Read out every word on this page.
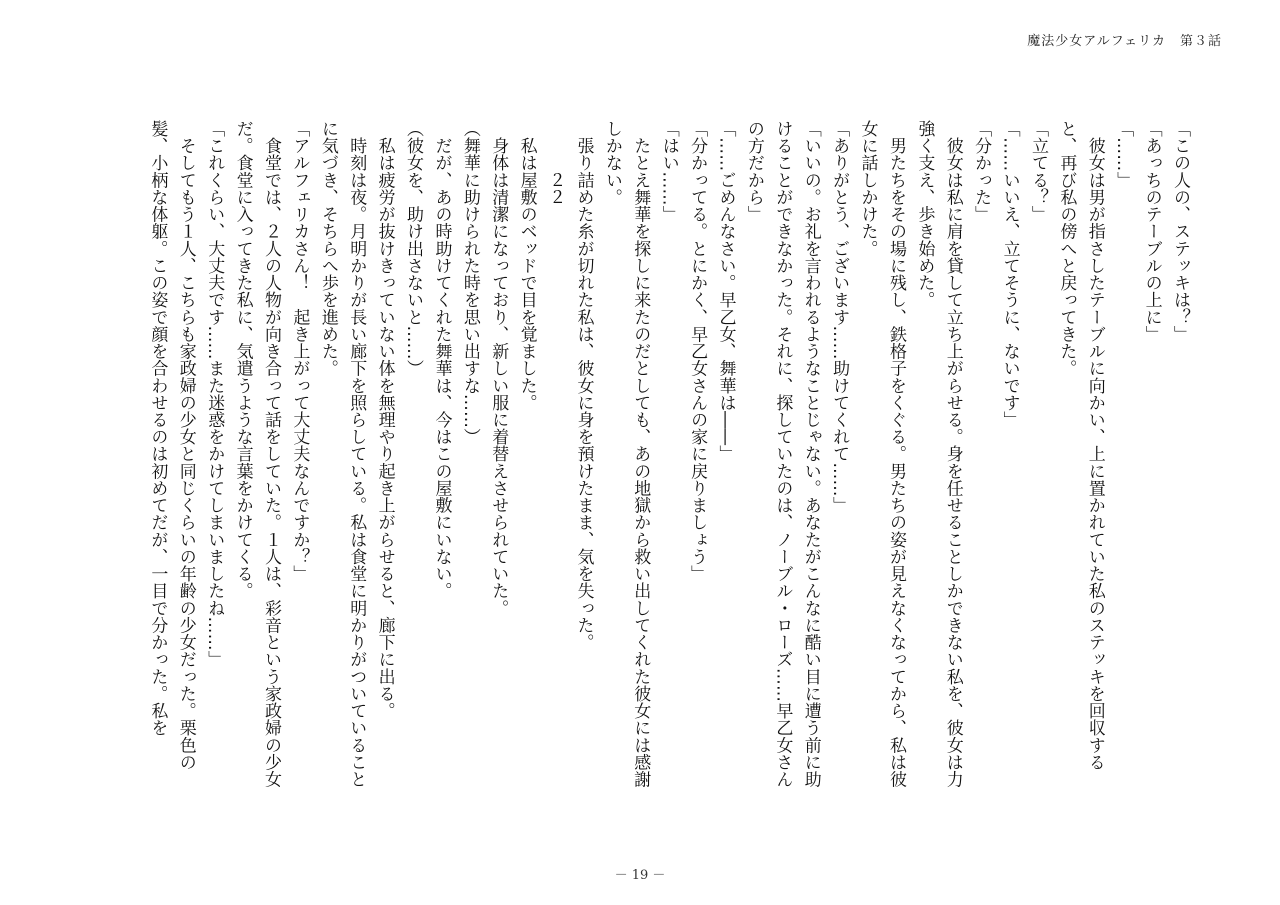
魔法少女アルフェリカ　第３話

「この人の、ステッキは？」

「あっちのテーブルの上に」

「……」

　彼女は男が指さしたテーブルに向かい、上に置かれていた私のステッキを回収すると、再び私の傍へと戻ってきた。

「立てる？」

「……いいえ、立てそうに、ないです」

「分かった」

　彼女は私に肩を貸して立ち上がらせる。身を任せることしかできない私を、彼女は力強く支え、歩き始めた。

　男たちをその場に残し、鉄格子をくぐる。男たちの姿が見えなくなってから、私は彼女に話しかけた。

「ありがとう、ございます……助けてくれて……」

「いいの。お礼を言われるようなことじゃない。あなたがこんなに酷い目に遭う前に助けることができなかった。それに、探していたのは、ノーブル・ローズ……早乙女さんの方だから」

「……ごめんなさい。早乙女、舞華は――」

「分かってる。とにかく、早乙女さんの家に戻りましょう」

「はい……」

　たとえ舞華を探しに来たのだとしても、あの地獄から救い出してくれた彼女には感謝しかない。

　張り詰めた糸が切れた私は、彼女に身を預けたまま、気を失った。

２２

　私は屋敷のベッドで目を覚ました。

　身体は清潔になっており、新しい服に着替えさせられていた。

（舞華に助けられた時を思い出すな……）

　だが、あの時助けてくれた舞華は、今はこの屋敷にいない。

（彼女を、助け出さないと……）

　私は疲労が抜けきっていない体を無理やり起き上がらせると、廊下に出る。

　時刻は夜。月明かりが長い廊下を照らしている。私は食堂に明かりがついていることに気づき、そちらへ歩を進めた。

「アルフェリカさん！　起き上がって大丈夫なんですか？」

　食堂では、２人の人物が向き合って話をしていた。１人は、彩音という家政婦の少女だ。食堂に入ってきた私に、気遣うような言葉をかけてくる。

「これくらい、大丈夫です……また迷惑をかけてしまいましたね……」

　そしてもう１人、こちらも家政婦の少女と同じくらいの年齢の少女だった。栗色の髪、小柄な体躯。この姿で顔を合わせるのは初めてだが、一目で分かった。私を

－ 19 －
